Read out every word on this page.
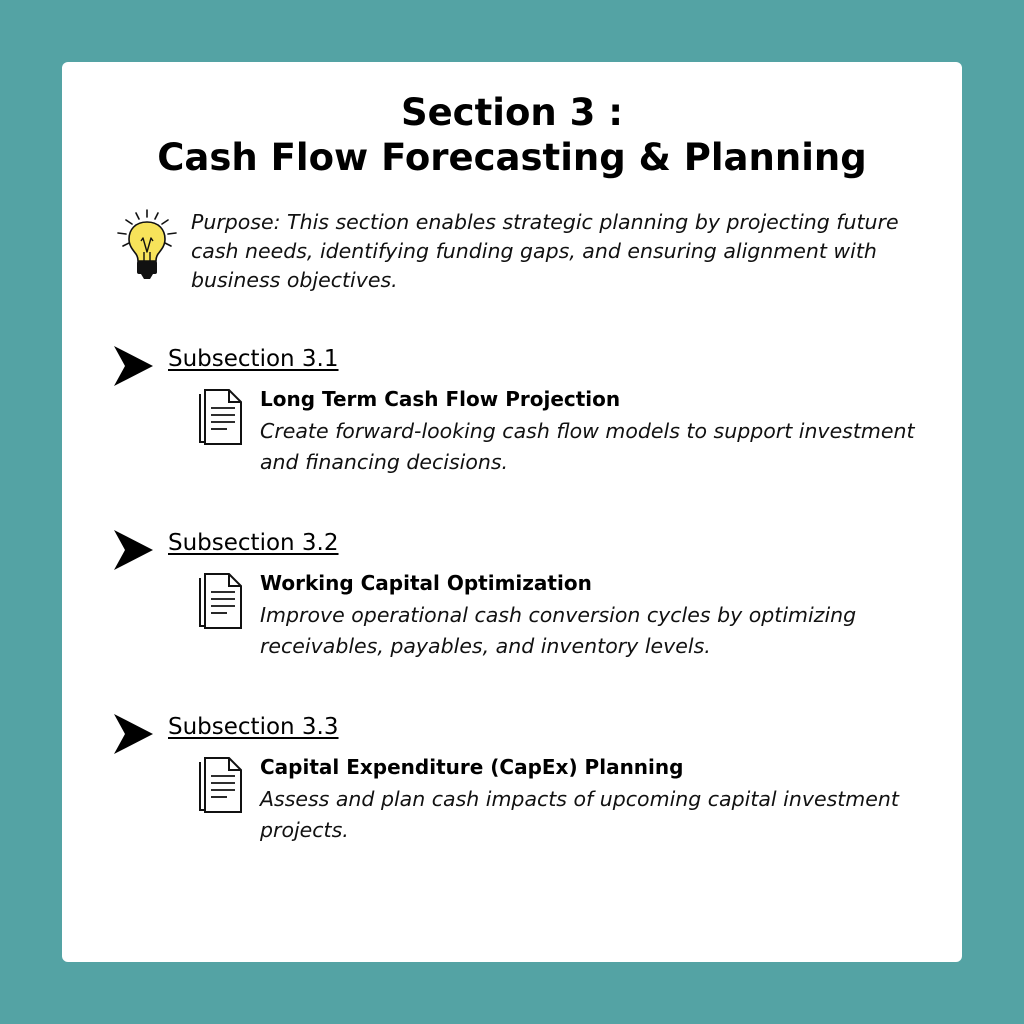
Section 3 :
Cash Flow Forecasting & Planning

Purpose: This section enables strategic planning by projecting future cash needs, identifying funding gaps, and ensuring alignment with business objectives.

Subsection 3.1
Long Term Cash Flow Projection

Create forward-looking cash flow models to support investment and financing decisions.

Subsection 3.2
Working Capital Optimization

Improve operational cash conversion cycles by optimizing receivables, payables, and inventory levels.

Subsection 3.3
Capital Expenditure (CapEx) Planning

Assess and plan cash impacts of upcoming capital investment projects.
